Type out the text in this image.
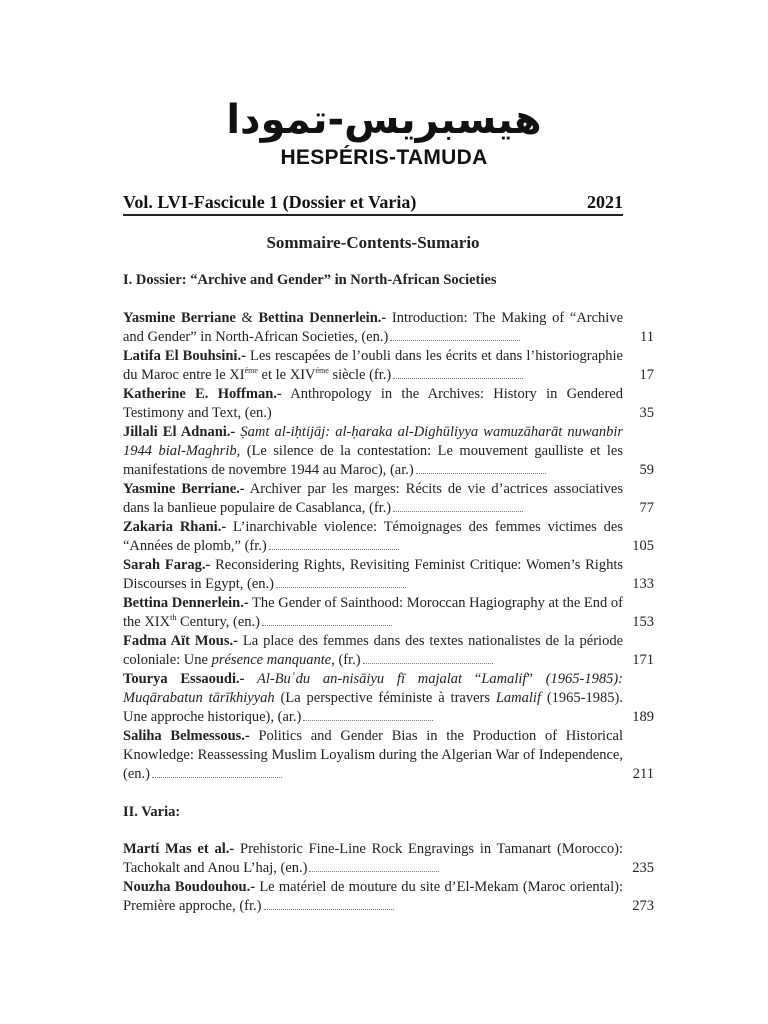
هيسبريس-تمودا
HESPÉRIS-TAMUDA
Vol. LVI-Fascicule 1 (Dossier et Varia)	2021
Sommaire-Contents-Sumario
I. Dossier: “Archive and Gender” in North-African Societies
Yasmine Berriane & Bettina Dennerlein.- Introduction: The Making of “Archive and Gender” in North-African Societies, (en.)	11
Latifa El Bouhsini.- Les rescapées de l’oubli dans les écrits et dans l’historiographie du Maroc entre le $XI^{éme}$ et le $XIV^{éme}$ siècle (fr.)	17
Katherine E. Hoffman.- Anthropology in the Archives: History in Gendered Testimony and Text, (en.)	35
Jillali El Adnani.- Ṣamt al-iḥtijāj: al-ḥaraka al-Dighūliyya wamuzāharāt nuwanbir 1944 bial-Maghrib, (Le silence de la contestation: Le mouvement gaulliste et les manifestations de novembre 1944 au Maroc), (ar.)	59
Yasmine Berriane.- Archiver par les marges: Récits de vie d’actrices associatives dans la banlieue populaire de Casablanca, (fr.)	77
Zakaria Rhani.- L’inarchivable violence: Témoignages des femmes victimes des “Années de plomb,” (fr.)	105
Sarah Farag.- Reconsidering Rights, Revisiting Feminist Critique: Women’s Rights Discourses in Egypt, (en.)	133
Bettina Dennerlein.- The Gender of Sainthood: Moroccan Hagiography at the End of the XIXth Century, (en.)	153
Fadma Aït Mous.- La place des femmes dans des textes nationalistes de la période coloniale: Une présence manquante, (fr.)	171
Tourya Essaoudi.- Al-Buʿdu an-nisāiyu fī majalat “Lamalif” (1965-1985): Muqārabatun tārīkhiyyah (La perspective féministe à travers Lamalif (1965-1985). Une approche historique), (ar.)	189
Saliha Belmessous.- Politics and Gender Bias in the Production of Historical Knowledge: Reassessing Muslim Loyalism during the Algerian War of Independence, (en.)	211
II. Varia:
Martí Mas et al.- Prehistoric Fine-Line Rock Engravings in Tamanart (Morocco): Tachokalt and Anou L’haj, (en.)	235
Nouzha Boudouhou.- Le matériel de mouture du site d’El-Mekam (Maroc oriental): Première approche, (fr.)	273
